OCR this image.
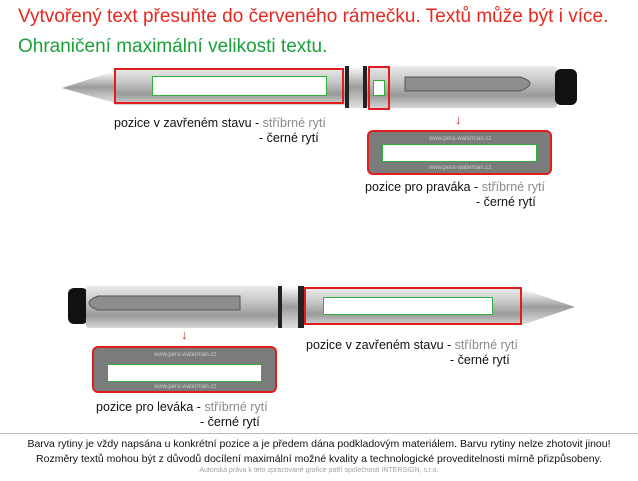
Vytvořený text přesuňte do červeného rámečku. Textů může být i více.
Ohraničení maximální velikosti textu.
pozice v zavřeném stavu - stříbrné rytí
- černé rytí
↓
www.pera-waterman.cz
www.pera-waterman.cz
pozice pro praváka - stříbrné rytí
- černé rytí
↓
www.pera-waterman.cz
www.pera-waterman.cz
pozice v zavřeném stavu - stříbrné rytí
- černé rytí
pozice pro leváka - stříbrné rytí
- černé rytí
Barva rytiny je vždy napsána u konkrétní pozice a je předem dána podkladovým materiálem. Barvu rytiny nelze zhotovit jinou!
Rozměry textů mohou být z důvodů docílení maximální možné kvality a technologické proveditelnosti mírně přizpůsobeny.
Autorská práva k této zpracované grafice patří společnosti INTERSIGN, s.r.o.
